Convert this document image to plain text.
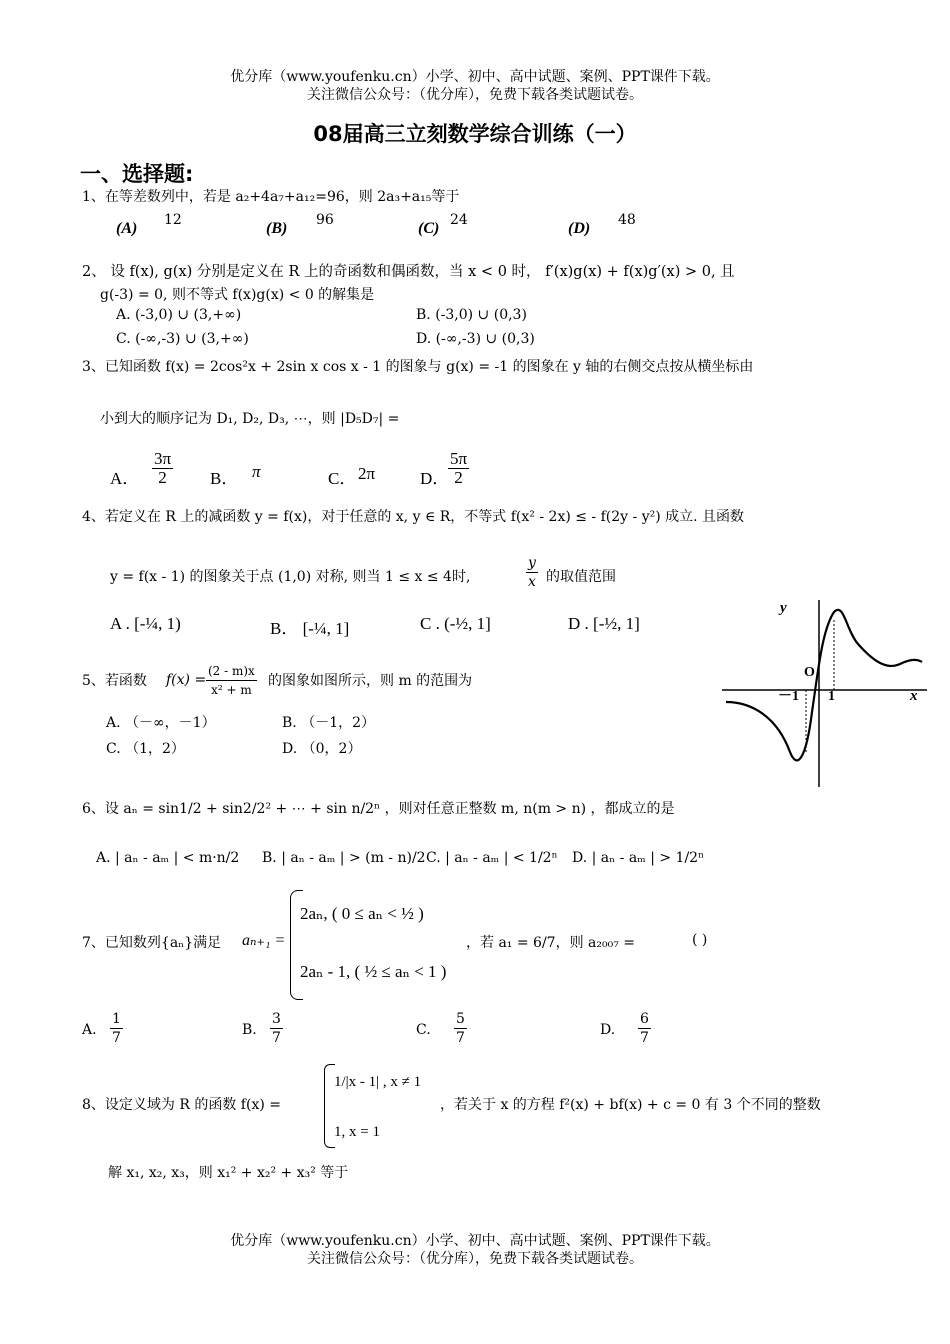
优分库（www.youfenku.cn）小学、初中、高中试题、案例、PPT课件下载。
关注微信公众号：（优分库），免费下载各类试题试卷。
08届高三立刻数学综合训练（一）
一、选择题:
1、在等差数列中，若是 a₂+4a₇+a₁₂=96，则 2a₃+a₁₅等于
(A) 12	(B) 96	(C) 24	(D) 48
2、 设 f(x), g(x) 分别是定义在 R 上的奇函数和偶函数，当 x < 0 时， f′(x)g(x) + f(x)g′(x) > 0, 且
g(-3) = 0, 则不等式 f(x)g(x) < 0 的解集是
A. (-3,0) ∪ (3,+∞)	B. (-3,0) ∪ (0,3)
C. (-∞,-3) ∪ (3,+∞)	D. (-∞,-3) ∪ (0,3)
3、已知函数 f(x) = 2cos²x + 2sin x cos x - 1 的图象与 g(x) = -1 的图象在 y 轴的右侧交点按从横坐标由
小到大的顺序记为 D₁, D₂, D₃, ⋯，则 |D₅D₇| =
A． $\frac{3\pi}{2}$ B． π	C． 2π	D．
$\frac{5\pi}{2}$
4、若定义在 R 上的减函数 y = f(x)，对于任意的 x, y ∈ R，不等式 f(x² - 2x) ≤ - f(2y - y²) 成立. 且函数
y = f(x - 1) 的图象关于点 (1,0) 对称, 则当 1 ≤ x ≤ 4时,	$\frac{y}{x}$ 的取值范围
A . [-¼, 1)	B． [-¼, 1]	C . (-½, 1]	D . [-½, 1]
5、若函数 $f(x) = \frac{(2 - m)x}{\text{x² + m}}$ 的图象如图所示，则 m 的范围为
A. （－∞，－1）	B. （－1，2）
C. （1，2）	D. （0，2）
y
x
O
－1 1
6、设 aₙ = sin1/2 + sin2/2² + ⋯ + sin n/2ⁿ ，则对任意正整数 m, n(m > n) ，都成立的是
A. | aₙ - aₘ | < m·n/2 B. | aₙ - aₘ | > (m - n)/2 C. | aₙ - aₘ | < 1/2ⁿ D. | aₙ - aₘ | > 1/2ⁿ
7、已知数列{aₙ}满足 aₙ₊₁ =
2aₙ, ( 0 ≤ aₙ < ½ )
2aₙ - 1, ( ½ ≤ aₙ < 1 )
，若 a₁ = 6/7，则 a₂₀₀₇ =	( )
A. $\frac{1}{7}$	B. $\frac{3}{7}$	C. $\frac{5}{7}$	D. $\frac{6}{7}$
8、设定义域为 R 的函数 f(x) =
1/|x - 1| , x ≠ 1
1, x = 1
，若关于 x 的方程 f²(x) + bf(x) + c = 0 有 3 个不同的整数
解 x₁, x₂, x₃，则 x₁² + x₂² + x₃² 等于
优分库（www.youfenku.cn）小学、初中、高中试题、案例、PPT课件下载。
关注微信公众号：（优分库），免费下载各类试题试卷。
